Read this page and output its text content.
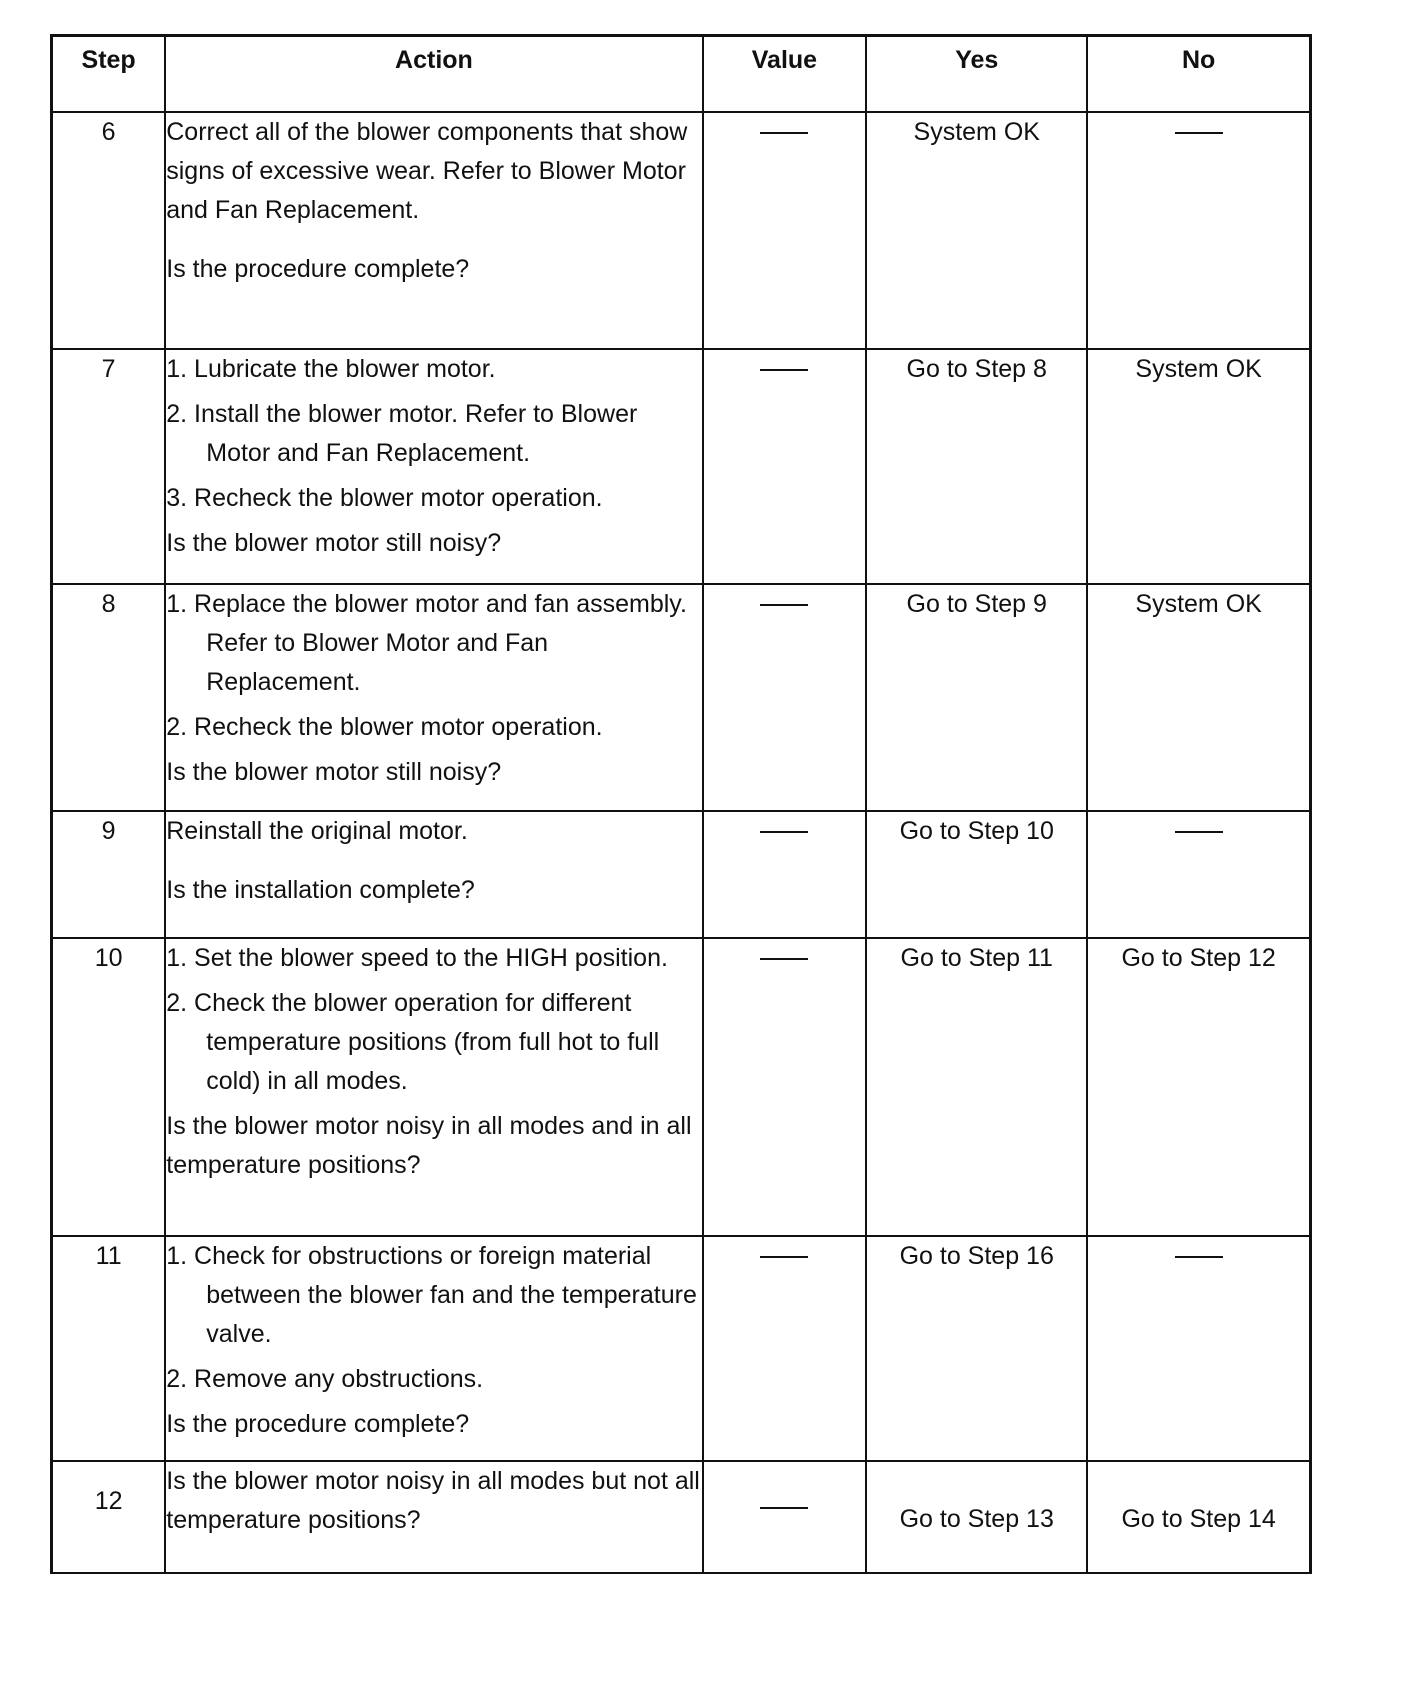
Step	Action	Value	Yes	No
6	Correct all of the blower components that show signs of excessive wear. Refer to Blower Motor and Fan Replacement.

Is the procedure complete?		System OK	
7	1. Lubricate the blower motor.

2. Install the blower motor. Refer to Blower Motor and Fan Replacement.

3. Recheck the blower motor operation.

Is the blower motor still noisy?		Go to Step 8	System OK
8	1. Replace the blower motor and fan assembly. Refer to Blower Motor and Fan Replacement.

2. Recheck the blower motor operation.

Is the blower motor still noisy?		Go to Step 9	System OK
9	Reinstall the original motor.

Is the installation complete?		Go to Step 10	
10	1. Set the blower speed to the HIGH position.

2. Check the blower operation for different temperature positions (from full hot to full cold) in all modes.

Is the blower motor noisy in all modes and in all temperature positions?		Go to Step 11	Go to Step 12
11	1. Check for obstructions or foreign material between the blower fan and the temperature valve.

2. Remove any obstructions.

Is the procedure complete?		Go to Step 16	
12	Is the blower motor noisy in all modes but not all temperature positions?		Go to Step 13	Go to Step 14
